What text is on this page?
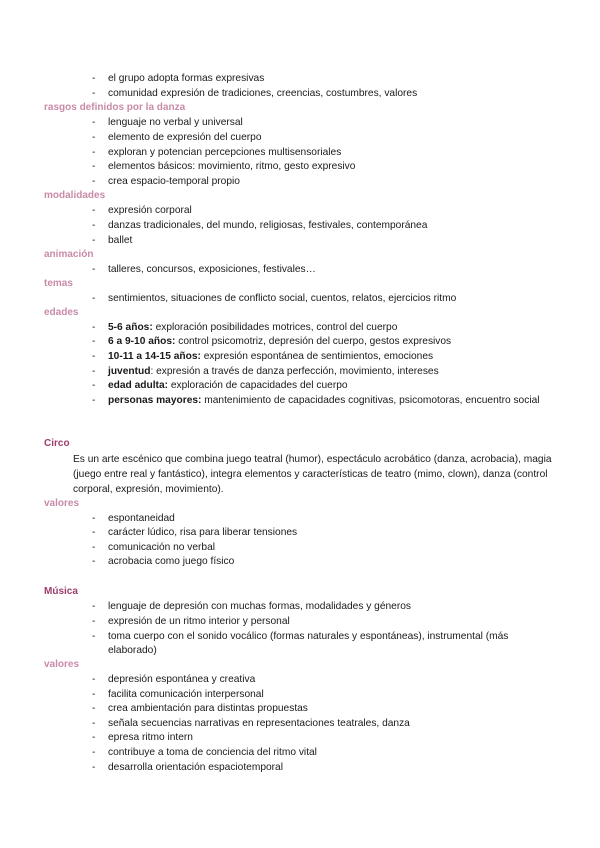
- el grupo adopta formas expresivas
- comunidad expresión de tradiciones, creencias, costumbres, valores
rasgos definidos por la danza
- lenguaje no verbal y universal
- elemento de expresión del cuerpo
- exploran y potencian percepciones multisensoriales
- elementos básicos: movimiento, ritmo, gesto expresivo
- crea espacio-temporal propio
modalidades
- expresión corporal
- danzas tradicionales, del mundo, religiosas, festivales, contemporánea
- ballet
animación
- talleres, concursos, exposiciones, festivales…
temas
- sentimientos, situaciones de conflicto social, cuentos, relatos, ejercicios ritmo
edades
- 5-6 años: exploración posibilidades motrices, control del cuerpo
- 6 a 9-10 años: control psicomotriz, depresión del cuerpo, gestos expresivos
- 10-11 a 14-15 años: expresión espontánea de sentimientos, emociones
- juventud: expresión a través de danza perfección, movimiento, intereses
- edad adulta: exploración de capacidades del cuerpo
- personas mayores: mantenimiento de capacidades cognitivas, psicomotoras, encuentro social
Circo
Es un arte escénico que combina juego teatral (humor), espectáculo acrobático (danza, acrobacia), magia (juego entre real y fantástico), integra elementos y características de teatro (mimo, clown), danza (control corporal, expresión, movimiento).
valores
- espontaneidad
- carácter lúdico, risa para liberar tensiones
- comunicación no verbal
- acrobacia como juego físico
Música
- lenguaje de depresión con muchas formas, modalidades y géneros
- expresión de un ritmo interior y personal
- toma cuerpo con el sonido vocálico (formas naturales y espontáneas), instrumental (más elaborado)
valores
- depresión espontánea y creativa
- facilita comunicación interpersonal
- crea ambientación para distintas propuestas
- señala secuencias narrativas en representaciones teatrales, danza
- epresa ritmo intern
- contribuye a toma de conciencia del ritmo vital
- desarrolla orientación espaciotemporal
